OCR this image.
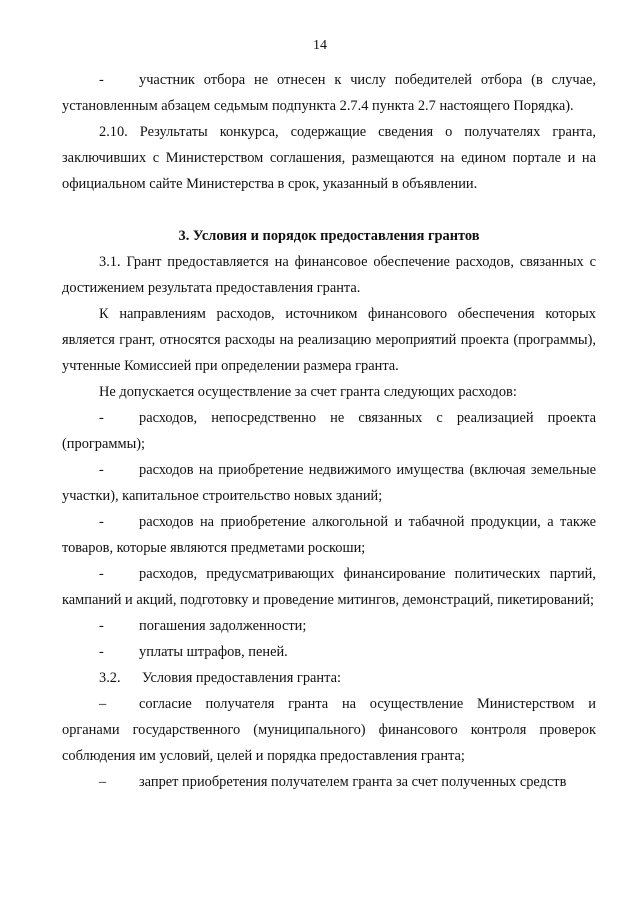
14

- участник отбора не отнесен к числу победителей отбора (в случае, установленным абзацем седьмым подпункта 2.7.4 пункта 2.7 настоящего Порядка).

2.10. Результаты конкурса, содержащие сведения о получателях гранта, заключивших с Министерством соглашения, размещаются на едином портале и на официальном сайте Министерства в срок, указанный в объявлении.

3. Условия и порядок предоставления грантов

3.1. Грант предоставляется на финансовое обеспечение расходов, связанных с достижением результата предоставления гранта.

К направлениям расходов, источником финансового обеспечения которых является грант, относятся расходы на реализацию мероприятий проекта (программы), учтенные Комиссией при определении размера гранта.

Не допускается осуществление за счет гранта следующих расходов:

- расходов, непосредственно не связанных с реализацией проекта (программы);

- расходов на приобретение недвижимого имущества (включая земельные участки), капитальное строительство новых зданий;

- расходов на приобретение алкогольной и табачной продукции, а также товаров, которые являются предметами роскоши;

- расходов, предусматривающих финансирование политических партий, кампаний и акций, подготовку и проведение митингов, демонстраций, пикетирований;

- погашения задолженности;

- уплаты штрафов, пеней.

3.2. Условия предоставления гранта:

– согласие получателя гранта на осуществление Министерством и органами государственного (муниципального) финансового контроля проверок соблюдения им условий, целей и порядка предоставления гранта;

– запрет приобретения получателем гранта за счет полученных средств
